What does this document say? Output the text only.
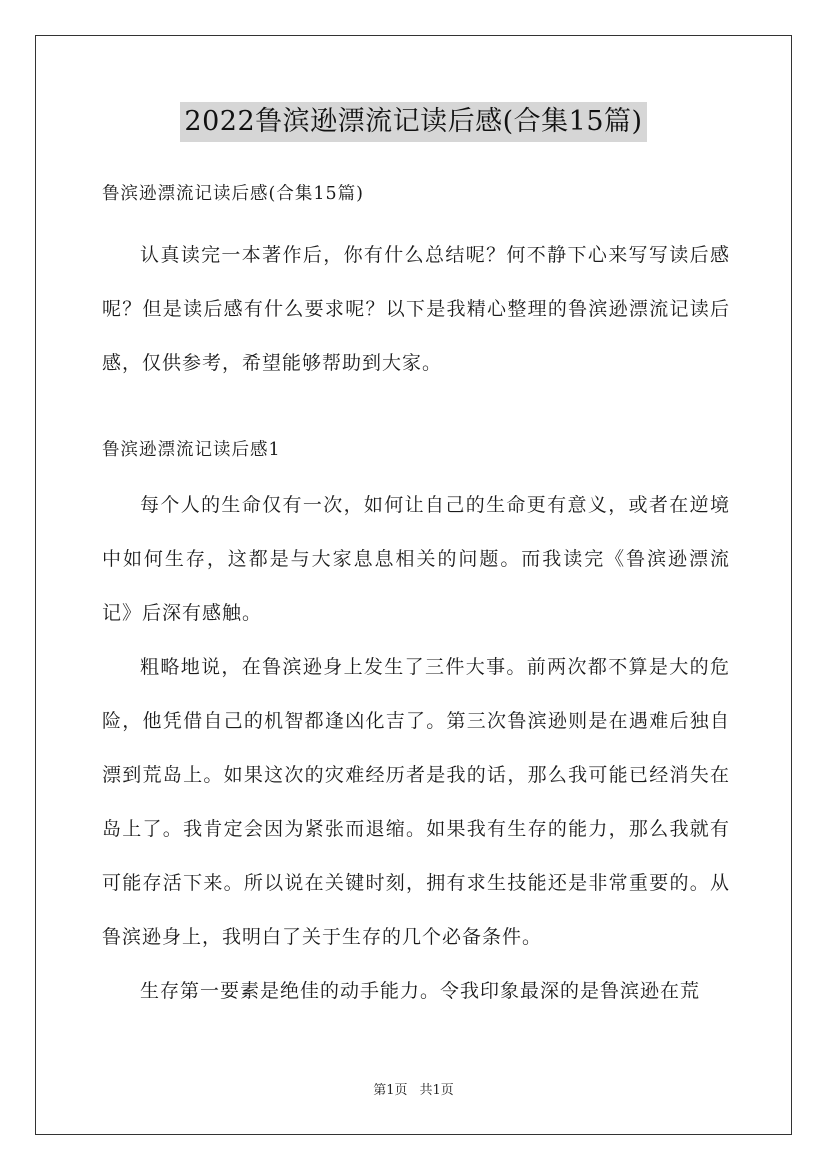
2022鲁滨逊漂流记读后感(合集15篇)

鲁滨逊漂流记读后感(合集15篇)

认真读完一本著作后，你有什么总结呢？何不静下心来写写读后感呢？但是读后感有什么要求呢？以下是我精心整理的鲁滨逊漂流记读后感，仅供参考，希望能够帮助到大家。

鲁滨逊漂流记读后感1

每个人的生命仅有一次，如何让自己的生命更有意义，或者在逆境中如何生存，这都是与大家息息相关的问题。而我读完《鲁滨逊漂流记》后深有感触。

粗略地说，在鲁滨逊身上发生了三件大事。前两次都不算是大的危险，他凭借自己的机智都逢凶化吉了。第三次鲁滨逊则是在遇难后独自漂到荒岛上。如果这次的灾难经历者是我的话，那么我可能已经消失在岛上了。我肯定会因为紧张而退缩。如果我有生存的能力，那么我就有可能存活下来。所以说在关键时刻，拥有求生技能还是非常重要的。从鲁滨逊身上，我明白了关于生存的几个必备条件。

生存第一要素是绝佳的动手能力。令我印象最深的是鲁滨逊在荒

第1页 共1页
